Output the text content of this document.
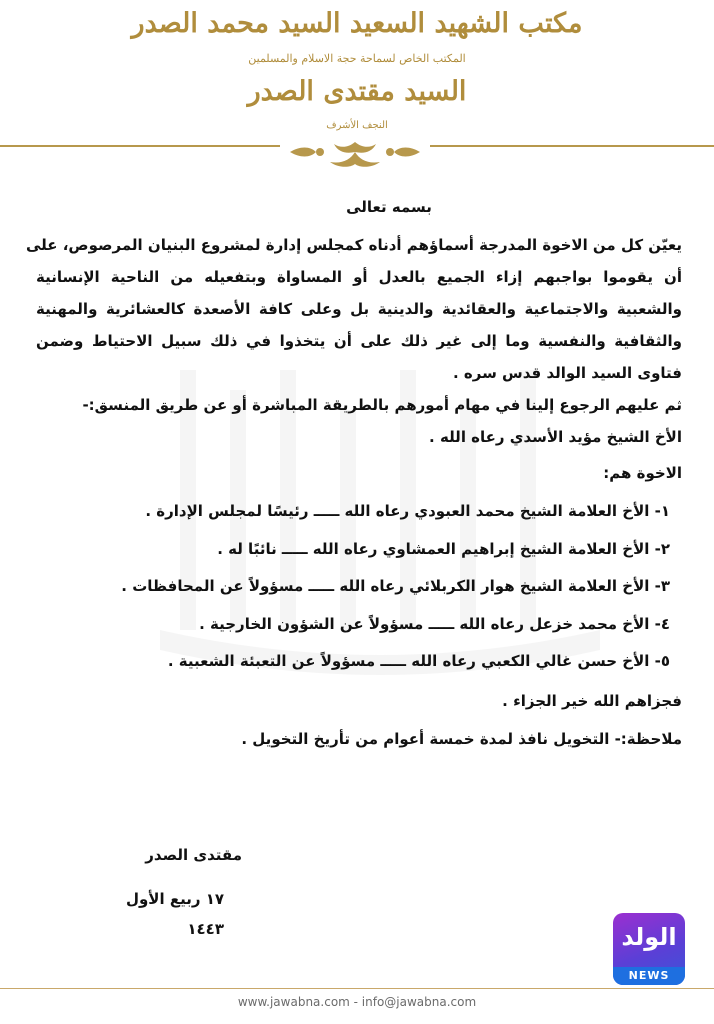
مكتب الشهيد السعيد السيد محمد الصدر
المكتب الخاص لسماحة حجة الاسلام والمسلمين
السيد مقتدى الصدر
النجف الأشرف
بسمه تعالى
يعيّن كل من الاخوة المدرجة أسماؤهم أدناه كمجلس إدارة لمشروع البنيان المرصوص، على
أن يقوموا بواجبهم إزاء الجميع بالعدل أو المساواة وبتفعيله من الناحية الإنسانية
والشعبية والاجتماعية والعقائدية والدينية بل وعلى كافة الأصعدة كالعشائرية والمهنية
والثقافية والنفسية وما إلى غير ذلك على أن يتخذوا في ذلك سبيل الاحتياط وضمن
فتاوى السيد الوالد قدس سره .
ثم عليهم الرجوع إلينا في مهام أمورهم بالطريقة المباشرة أو عن طريق المنسق:-
الأخ الشيخ مؤيد الأسدي رعاه الله .
الاخوة هم:
١- الأخ العلامة الشيخ محمد العبودي رعاه الله ـــــ رئيسًا لمجلس الإدارة .
٢- الأخ العلامة الشيخ إبراهيم العمشاوي رعاه الله ـــــ نائبًا له .
٣- الأخ العلامة الشيخ هوار الكربلائي رعاه الله ـــــ مسؤولاً عن المحافظات .
٤- الأخ محمد خزعل رعاه الله ـــــ مسؤولاً عن الشؤون الخارجية .
٥- الأخ حسن غالي الكعبي رعاه الله ـــــ مسؤولاً عن التعبئة الشعبية .
فجزاهم الله خير الجزاء .
ملاحظة:- التخويل نافذ لمدة خمسة أعوام من تأريخ التخويل .
مقتدى الصدر
١٧ ربيع الأول ١٤٤٣	الولد
NEWS
www.jawabna.com - info@jawabna.com
